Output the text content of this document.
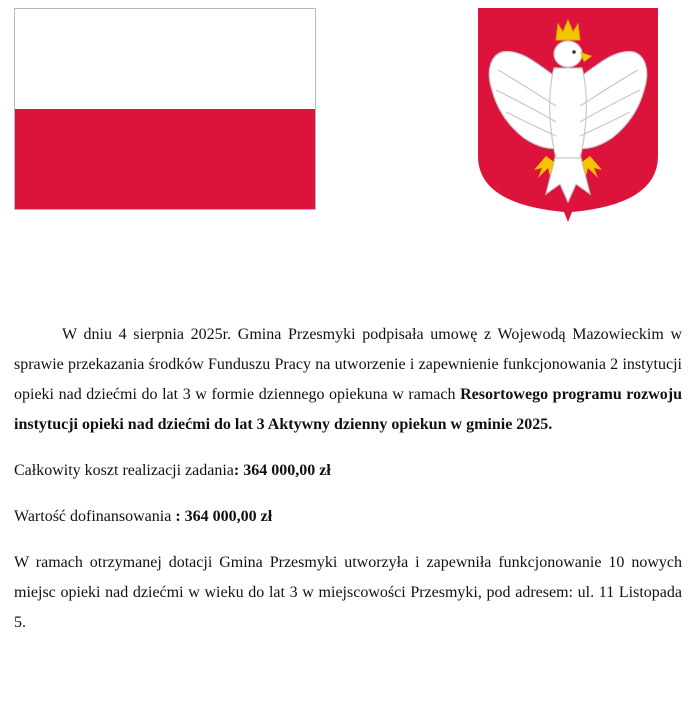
W dniu 4 sierpnia 2025r. Gmina Przesmyki podpisała umowę z Wojewodą Mazowieckim w sprawie przekazania środków Funduszu Pracy na utworzenie i zapewnienie funkcjonowania 2 instytucji opieki nad dziećmi do lat 3 w formie dziennego opiekuna w ramach Resortowego programu rozwoju instytucji opieki nad dziećmi do lat 3 Aktywny dzienny opiekun w gminie 2025.

Całkowity koszt realizacji zadania: 364 000,00 zł

Wartość dofinansowania : 364 000,00 zł

W ramach otrzymanej dotacji Gmina Przesmyki utworzyła i zapewniła funkcjonowanie 10 nowych miejsc opieki nad dziećmi w wieku do lat 3 w miejscowości Przesmyki, pod adresem: ul. 11 Listopada 5.
